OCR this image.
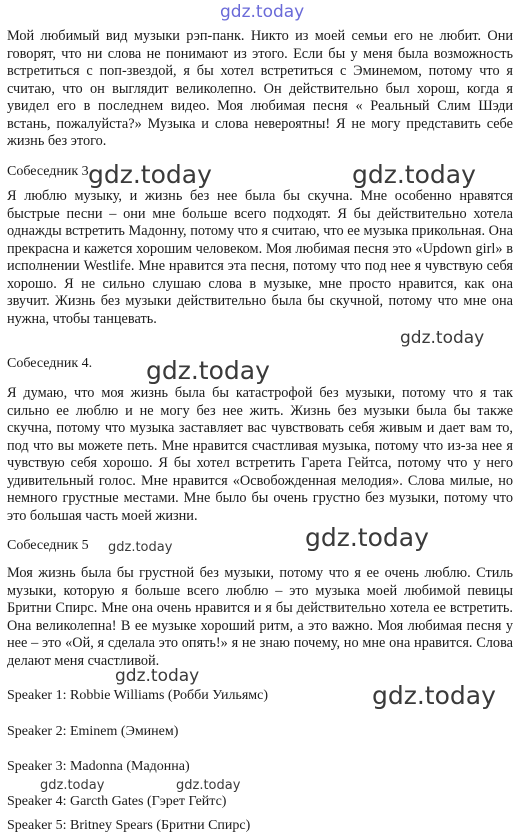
gdz.today

Мой любимый вид музыки рэп-панк. Никто из моей семьи его не любит. Они говорят, что ни слова не понимают из этого. Если бы у меня была возможность встретиться с поп-звездой, я бы хотел встретиться с Эминемом, потому что я считаю, что он выглядит великолепно. Он действительно был хорош, когда я увидел его в последнем видео. Моя любимая песня « Реальный Слим Шэди встань, пожалуйста?» Музыка и слова невероятны! Я не могу представить себе жизнь без этого.

Собеседник 3 gdz.today	gdz.today

Я люблю музыку, и жизнь без нее была бы скучна. Мне особенно нравятся быстрые песни – они мне больше всего подходят. Я бы действительно хотела однажды встретить Мадонну, потому что я считаю, что ее музыка прикольная. Она прекрасна и кажется хорошим человеком. Моя любимая песня это «Updown girl» в исполнении Westlife. Мне нравится эта песня, потому что под нее я чувствую себя хорошо. Я не сильно слушаю слова в музыке, мне просто нравится, как она звучит. Жизнь без музыки действительно была бы скучной, потому что мне она нужна, чтобы танцевать.

gdz.today
Собеседник 4. gdz.today

Я думаю, что моя жизнь была бы катастрофой без музыки, потому что я так сильно ее люблю и не могу без нее жить. Жизнь без музыки была бы также скучна, потому что музыка заставляет вас чувствовать себя живым и дает вам то, под что вы можете петь. Мне нравится счастливая музыка, потому что из-за нее я чувствую себя хорошо. Я бы хотел встретить Гарета Гейтса, потому что у него удивительный голос. Мне нравится «Освобожденная мелодия». Слова милые, но немного грустные местами. Мне было бы очень грустно без музыки, потому что это большая часть моей жизни.

Собеседник 5 gdz.today	gdz.today

Моя жизнь была бы грустной без музыки, потому что я ее очень люблю. Стиль музыки, которую я больше всего люблю – это музыка моей любимой певицы Бритни Спирс. Мне она очень нравится и я бы действительно хотела ее встретить. Она великолепна! В ее музыке хороший ритм, а это важно. Моя любимая песня у нее – это «Ой, я сделала это опять!» я не знаю почему, но мне она нравится. Слова делают меня счастливой.

gdz.today
Speaker 1: Robbie Williams (Робби Уильямс)	gdz.today
Speaker 2: Eminem (Эминем)
Speaker 3: Madonna (Мадонна)
gdz.today	gdz.today
Speaker 4: Garcth Gates (Гэрет Гейтс)
Speaker 5: Britney Spears (Бритни Спирс)
